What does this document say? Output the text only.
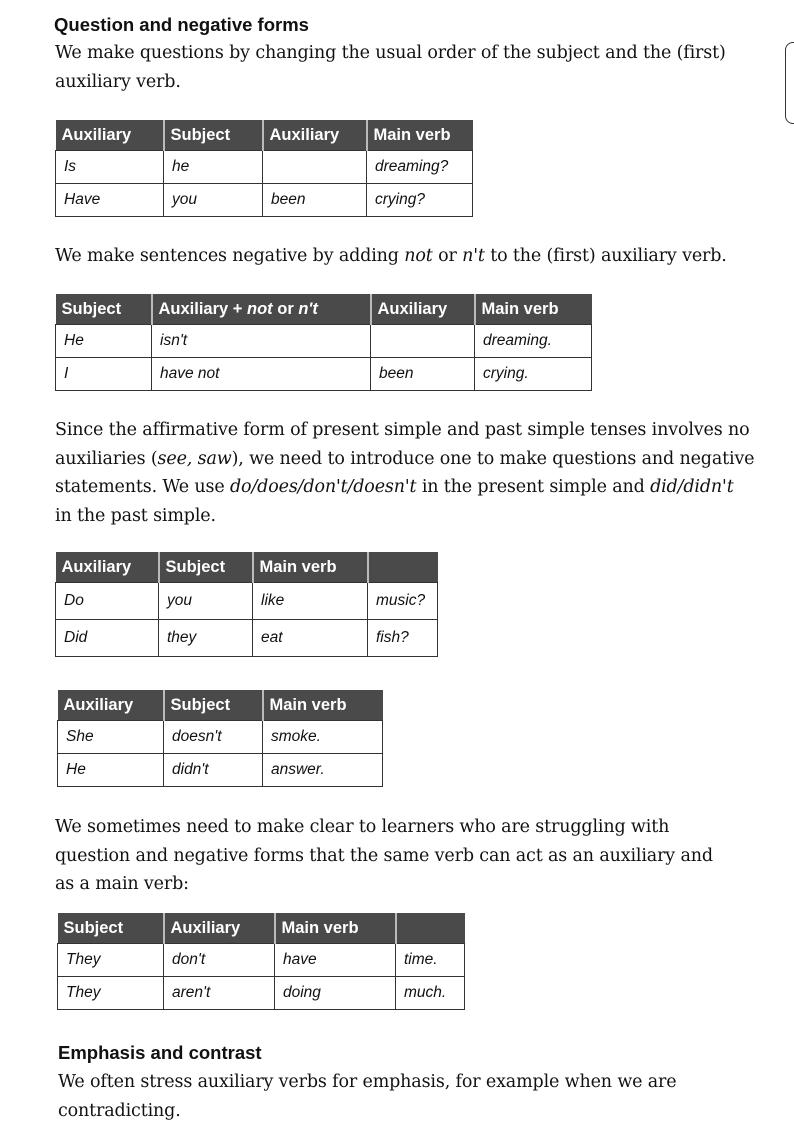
Question and negative forms

We make questions by changing the usual order of the subject and the (first) auxiliary verb.

Auxiliary	Subject	Auxiliary	Main verb
Is	he		dreaming?
Have	you	been	crying?

We make sentences negative by adding not or n't to the (first) auxiliary verb.

Subject	Auxiliary + not or n't	Auxiliary	Main verb
He	isn't		dreaming.
I	have not	been	crying.

Since the affirmative form of present simple and past simple tenses involves no auxiliaries (see, saw), we need to introduce one to make questions and negative statements. We use do/does/don't/doesn't in the present simple and did/didn't in the past simple.

Auxiliary	Subject	Main verb	
Do	you	like	music?
Did	they	eat	fish?
Auxiliary	Subject	Main verb
She	doesn't	smoke.
He	didn't	answer.

We sometimes need to make clear to learners who are struggling with question and negative forms that the same verb can act as an auxiliary and as a main verb:

Subject	Auxiliary	Main verb	
They	don't	have	time.
They	aren't	doing	much.
Emphasis and contrast

We often stress auxiliary verbs for emphasis, for example when we are contradicting.
